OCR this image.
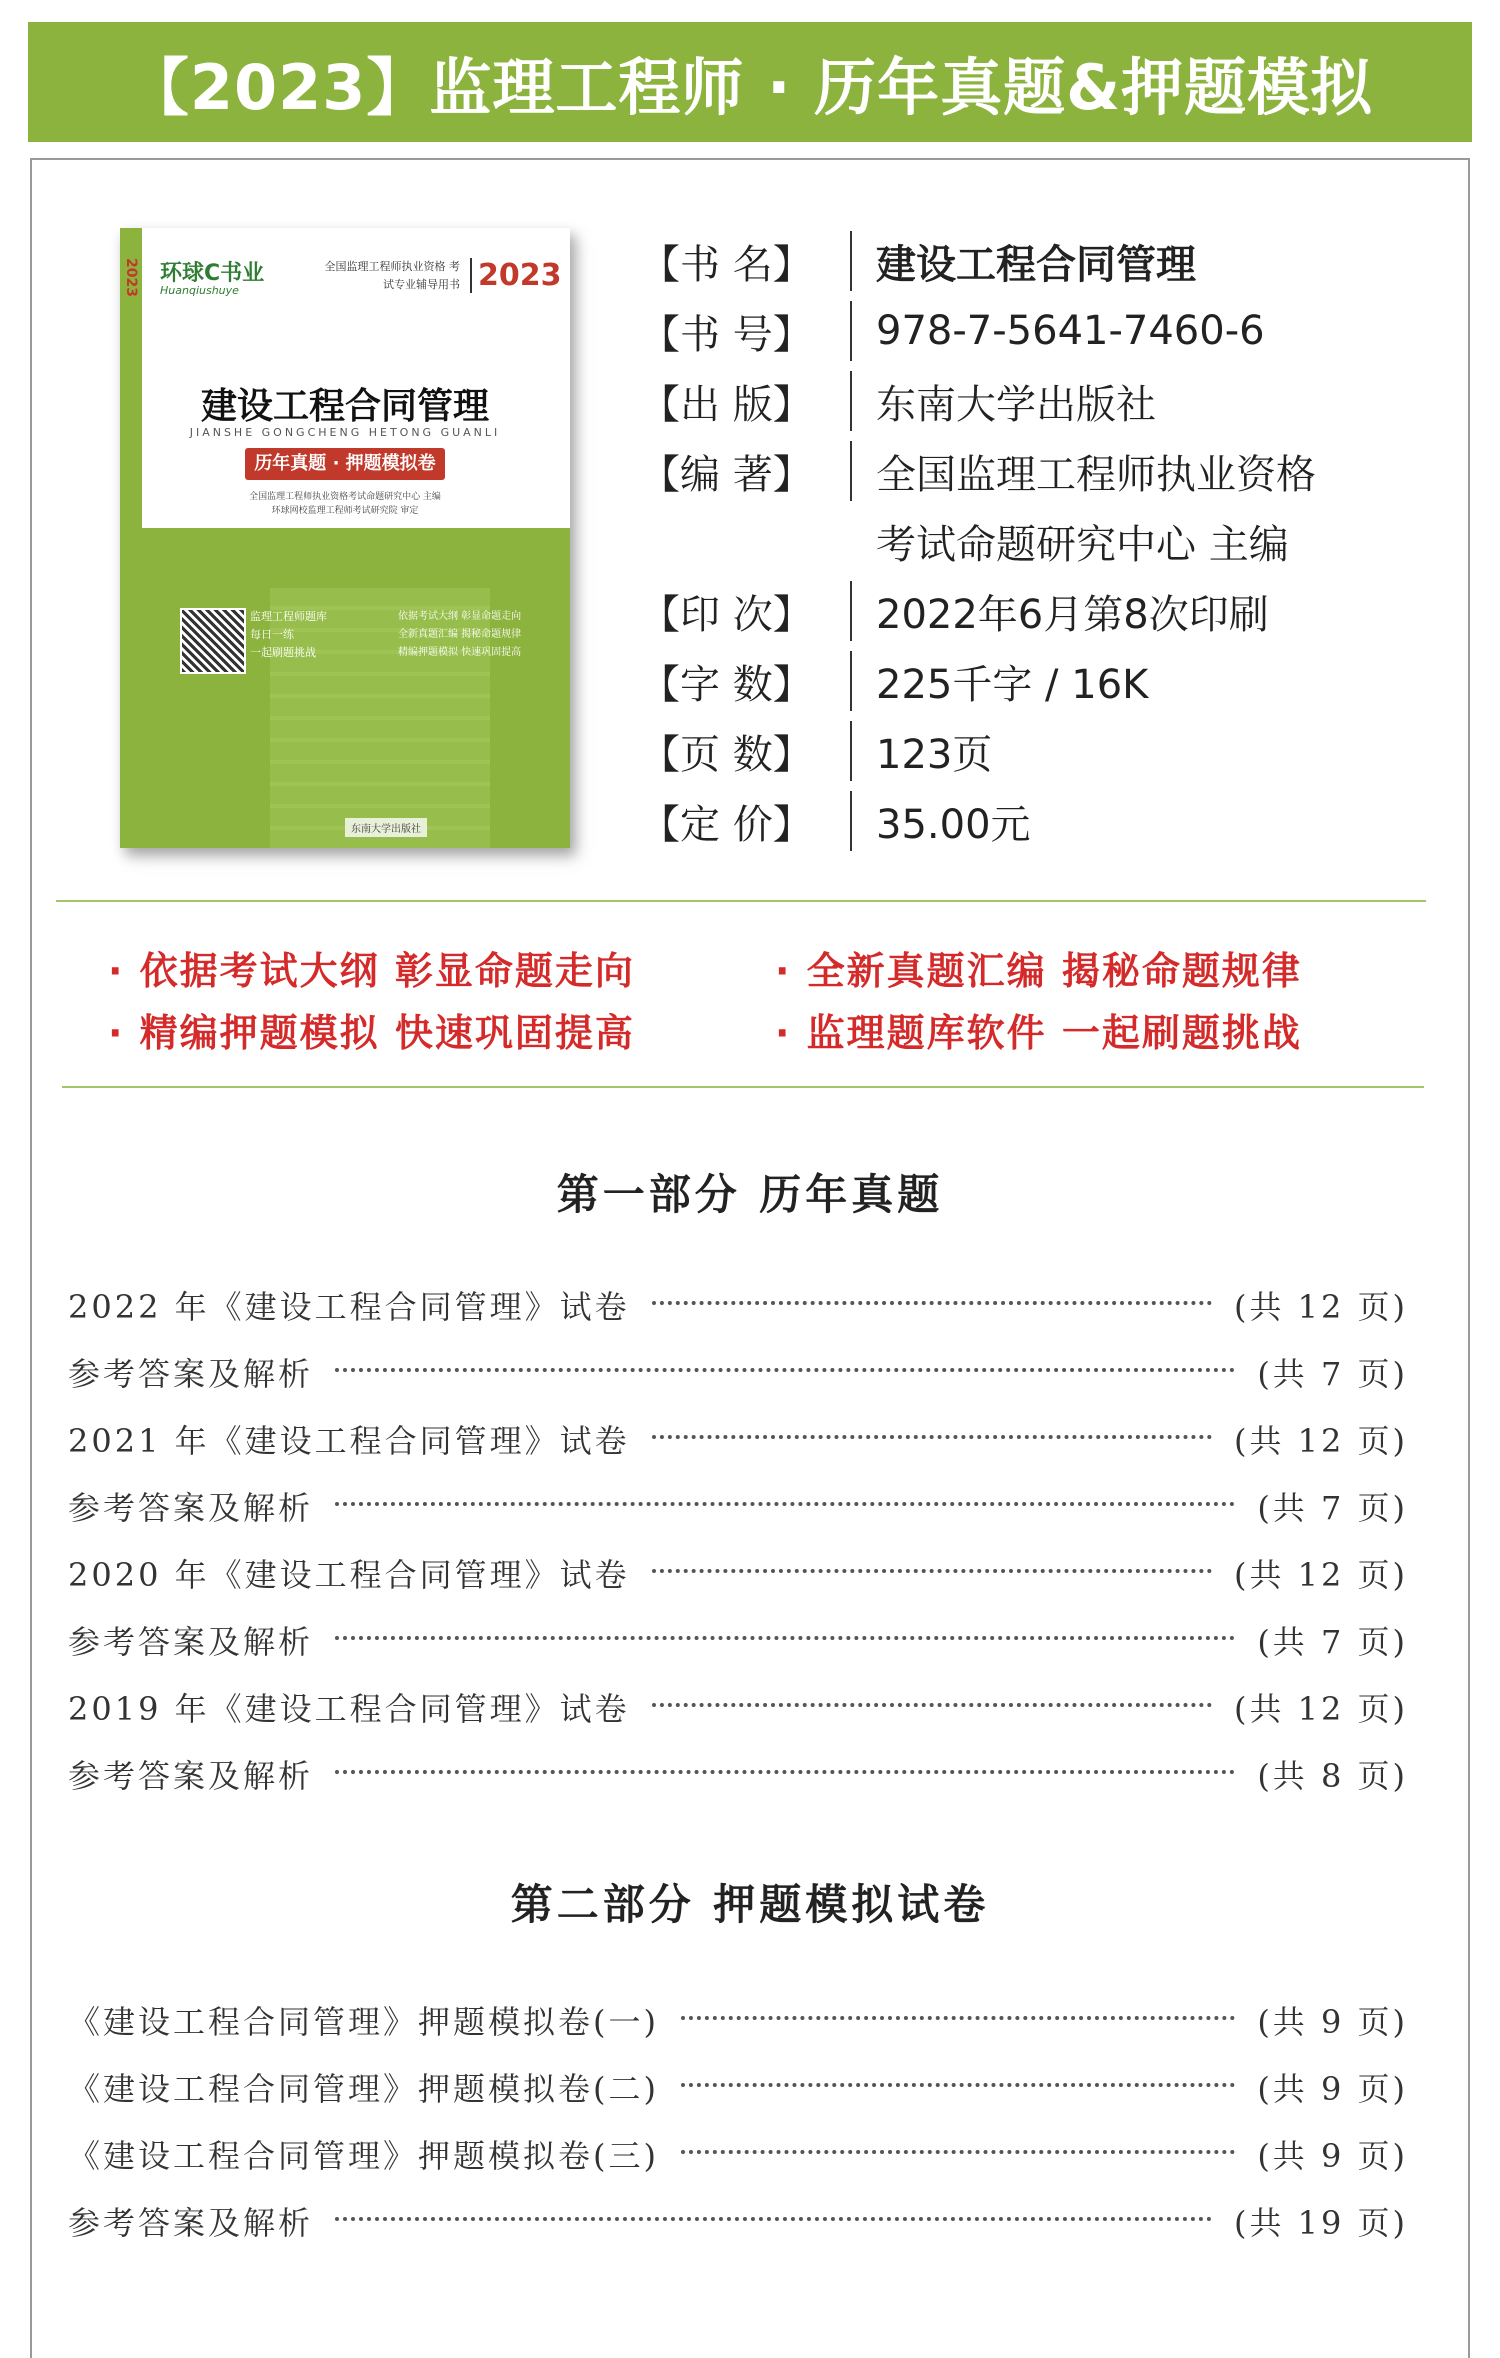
【2023】监理工程师 · 历年真题&押题模拟
2023 环球C书业
Huanqiushuye
全国监理工程师执业资格 考试专业辅导用书 2023
建设工程合同管理
JIANSHE GONGCHENG HETONG GUANLI
历年真题 · 押题模拟卷
全国监理工程师执业资格考试命题研究中心 主编
环球网校监理工程师考试研究院 审定
监理工程师题库
每日一练
一起刷题挑战
依据考试大纲 彰显命题走向
全新真题汇编 揭秘命题规律
精编押题模拟 快速巩固提高
东南大学出版社
【书 名】	建设工程合同管理
【书 号】	978-7-5641-7460-6
【出 版】	东南大学出版社
【编 著】	全国监理工程师执业资格
考试命题研究中心 主编
【印 次】	2022年6月第8次印刷
【字 数】	225千字 / 16K
【页 数】	123页
【定 价】	35.00元
· 依据考试大纲 彰显命题走向	· 全新真题汇编 揭秘命题规律
· 精编押题模拟 快速巩固提高	· 监理题库软件 一起刷题挑战
第一部分 历年真题
2022 年《建设工程合同管理》试卷	(共 12 页)
参考答案及解析	(共 7 页)
2021 年《建设工程合同管理》试卷	(共 12 页)
参考答案及解析	(共 7 页)
2020 年《建设工程合同管理》试卷	(共 12 页)
参考答案及解析	(共 7 页)
2019 年《建设工程合同管理》试卷	(共 12 页)
参考答案及解析	(共 8 页)
第二部分 押题模拟试卷
《建设工程合同管理》押题模拟卷(一)	(共 9 页)
《建设工程合同管理》押题模拟卷(二)	(共 9 页)
《建设工程合同管理》押题模拟卷(三)	(共 9 页)
参考答案及解析	(共 19 页)
